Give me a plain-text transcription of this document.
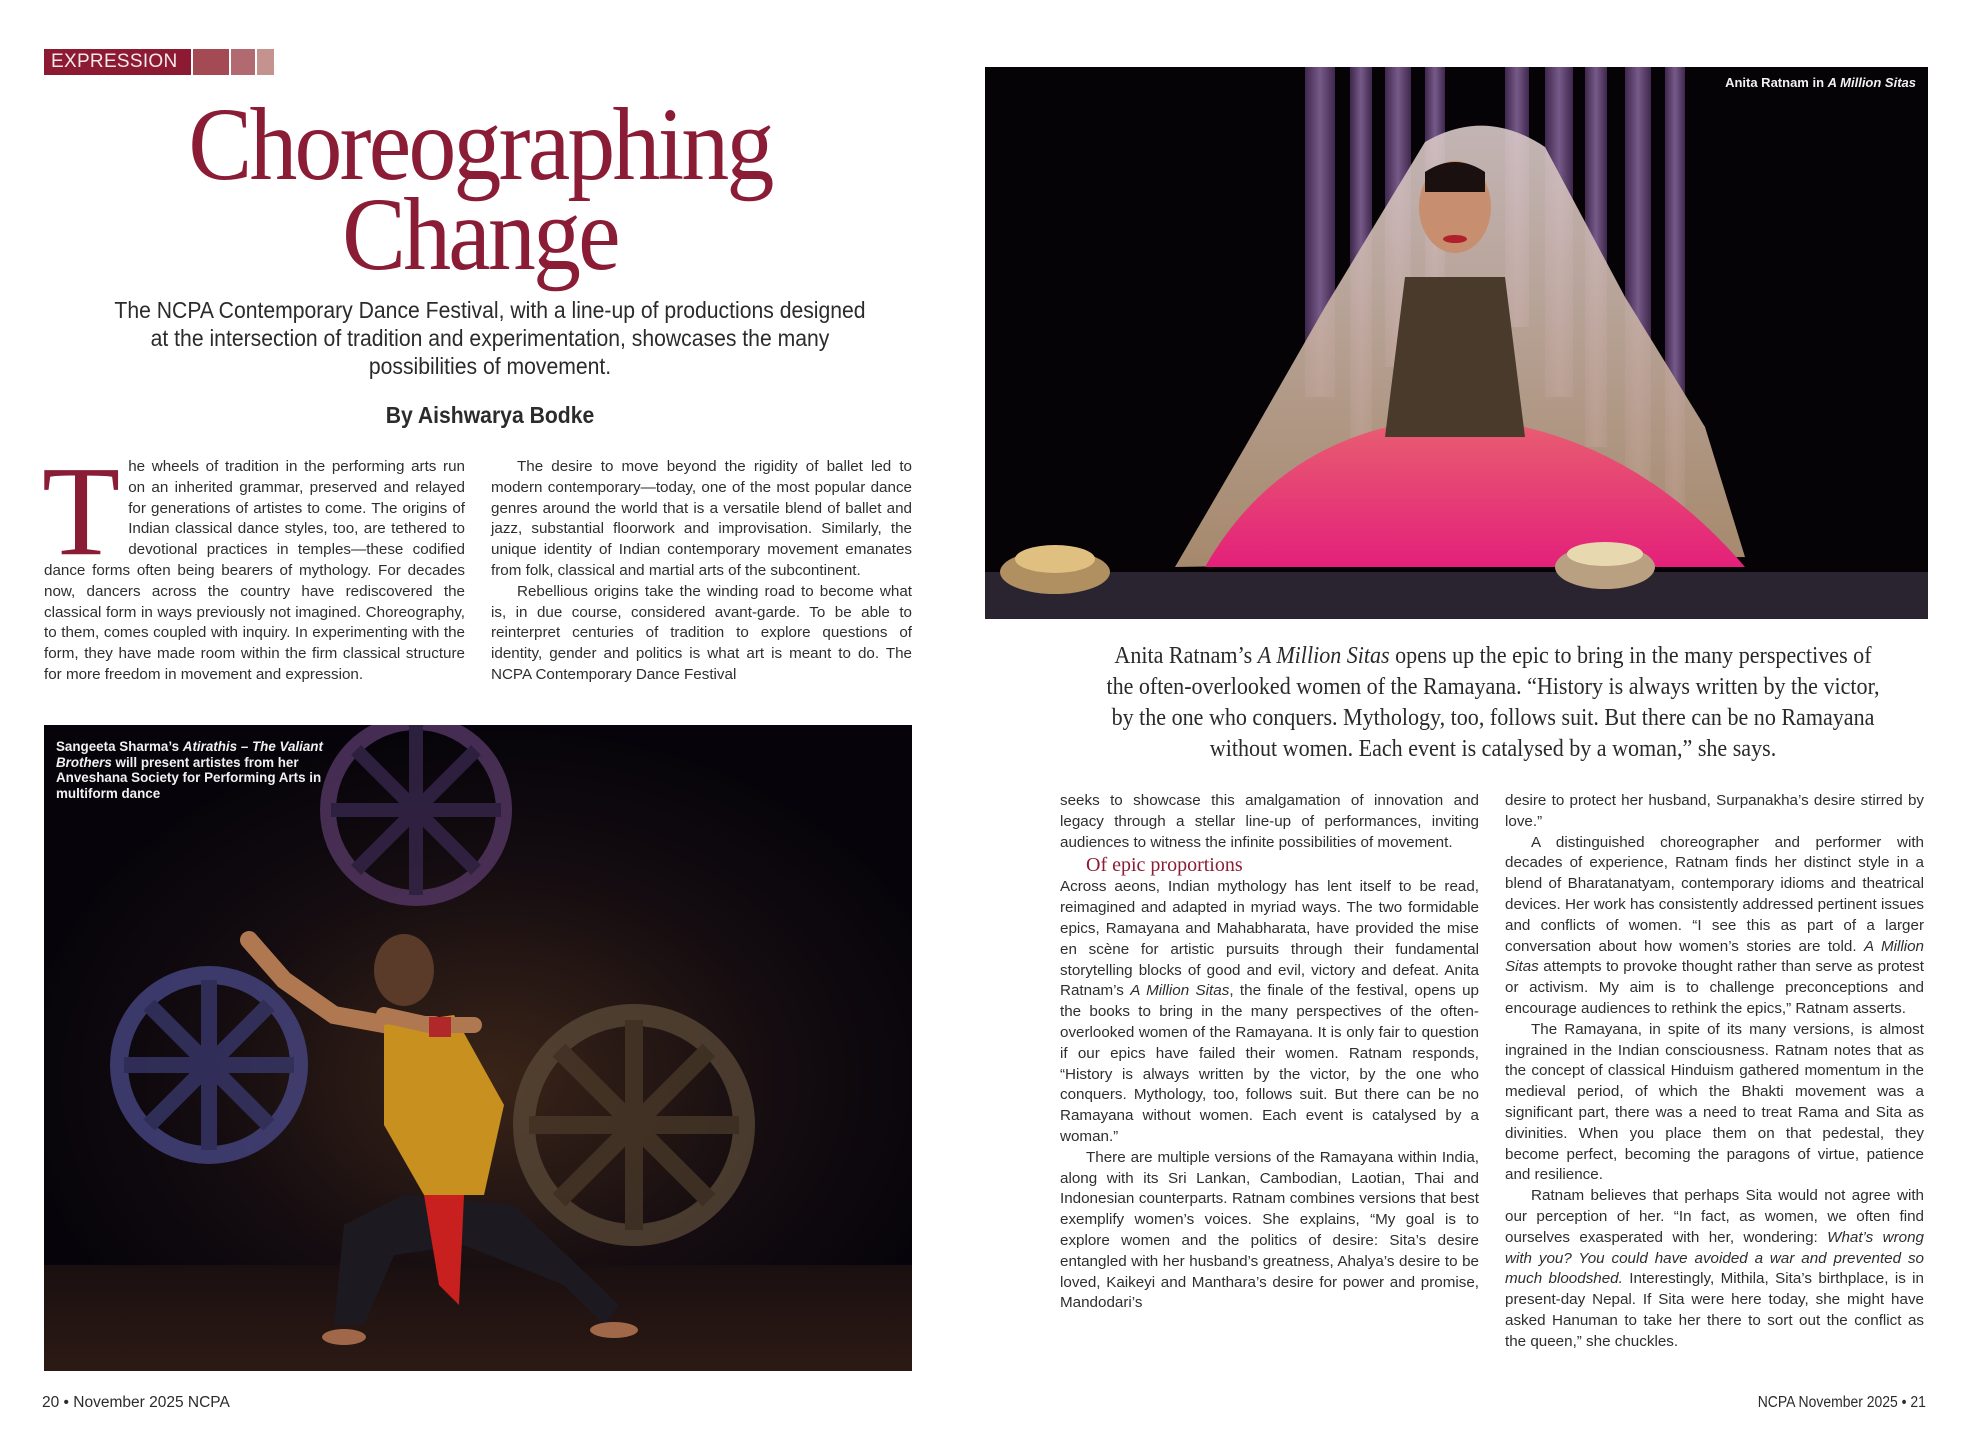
EXPRESSION
Choreographing
Change
The NCPA Contemporary Dance Festival, with a line-up of productions designed at the intersection of tradition and experimentation, showcases the many possibilities of movement.
By Aishwarya Bodke

The wheels of tradition in the performing arts run on an inherited grammar, preserved and relayed for generations of artistes to come. The origins of Indian classical dance styles, too, are tethered to devotional practices in temples—these codified dance forms often being bearers of mythology. For decades now, dancers across the country have rediscovered the classical form in ways previously not imagined. Choreography, to them, comes coupled with inquiry. In experimenting with the form, they have made room within the firm classical structure for more freedom in movement and expression.

The desire to move beyond the rigidity of ballet led to modern contemporary—today, one of the most popular dance genres around the world that is a versatile blend of ballet and jazz, substantial floorwork and improvisation. Similarly, the unique identity of Indian contemporary movement emanates from folk, classical and martial arts of the subcontinent.

Rebellious origins take the winding road to become what is, in due course, considered avant-garde. To be able to reinterpret centuries of tradition to explore questions of identity, gender and politics is what art is meant to do. The NCPA Contemporary Dance Festival

Sangeeta Sharma’s Atirathis – The Valiant Brothers will present artistes from her Anveshana Society for Performing Arts in multiform dance
Anita Ratnam in A Million Sitas
Anita Ratnam’s A Million Sitas opens up the epic to bring in the many perspectives of the often-overlooked women of the Ramayana. “History is always written by the victor, by the one who conquers. Mythology, too, follows suit. But there can be no Ramayana without women. Each event is catalysed by a woman,” she says.

seeks to showcase this amalgamation of innovation and legacy through a stellar line-up of performances, inviting audiences to witness the infinite possibilities of movement.

Of epic proportions

Across aeons, Indian mythology has lent itself to be read, reimagined and adapted in myriad ways. The two formidable epics, Ramayana and Mahabharata, have provided the mise en scène for artistic pursuits through their fundamental storytelling blocks of good and evil, victory and defeat. Anita Ratnam’s A Million Sitas, the finale of the festival, opens up the books to bring in the many perspectives of the often-overlooked women of the Ramayana. It is only fair to question if our epics have failed their women. Ratnam responds, “History is always written by the victor, by the one who conquers. Mythology, too, follows suit. But there can be no Ramayana without women. Each event is catalysed by a woman.”

There are multiple versions of the Ramayana within India, along with its Sri Lankan, Cambodian, Laotian, Thai and Indonesian counterparts. Ratnam combines versions that best exemplify women’s voices. She explains, “My goal is to explore women and the politics of desire: Sita’s desire entangled with her husband’s greatness, Ahalya’s desire to be loved, Kaikeyi and Manthara’s desire for power and promise, Mandodari’s

desire to protect her husband, Surpanakha’s desire stirred by love.”

A distinguished choreographer and performer with decades of experience, Ratnam finds her distinct style in a blend of Bharatanatyam, contemporary idioms and theatrical devices. Her work has consistently addressed pertinent issues and conflicts of women. “I see this as part of a larger conversation about how women’s stories are told. A Million Sitas attempts to provoke thought rather than serve as protest or activism. My aim is to challenge preconceptions and encourage audiences to rethink the epics,” Ratnam asserts.

The Ramayana, in spite of its many versions, is almost ingrained in the Indian consciousness. Ratnam notes that as the concept of classical Hinduism gathered momentum in the medieval period, of which the Bhakti movement was a significant part, there was a need to treat Rama and Sita as divinities. When you place them on that pedestal, they become perfect, becoming the paragons of virtue, patience and resilience.

Ratnam believes that perhaps Sita would not agree with our perception of her. “In fact, as women, we often find ourselves exasperated with her, wondering: What’s wrong with you? You could have avoided a war and prevented so much bloodshed. Interestingly, Mithila, Sita’s birthplace, is in present-day Nepal. If Sita were here today, she might have asked Hanuman to take her there to sort out the conflict as the queen,” she chuckles.

20 • November 2025 NCPA	NCPA November 2025 • 21
